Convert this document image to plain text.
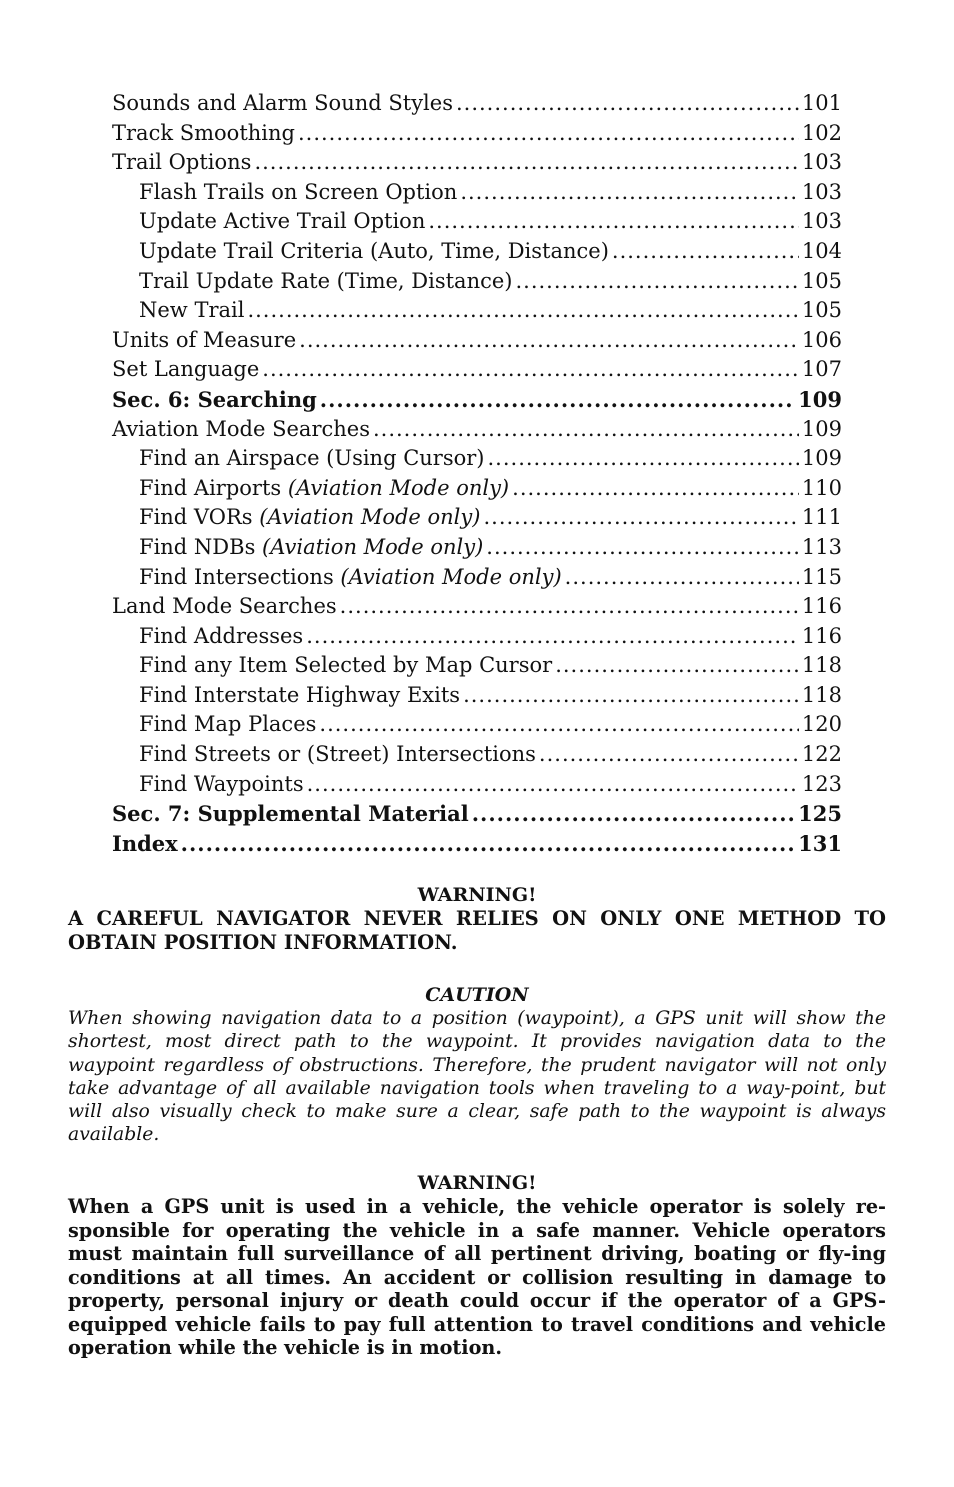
Sounds and Alarm Sound Styles .....	101
Track Smoothing .....	102
Trail Options .....	103
Flash Trails on Screen Option .....	103
Update Active Trail Option .....	103
Update Trail Criteria (Auto, Time, Distance) .....	104
Trail Update Rate (Time, Distance) .....	105
New Trail .....	105
Units of Measure .....	106
Set Language .....	107
Sec. 6: Searching .....	109
Aviation Mode Searches .....	109
Find an Airspace (Using Cursor) .....	109
Find Airports (Aviation Mode only) .....	110
Find VORs (Aviation Mode only) .....	111
Find NDBs (Aviation Mode only) .....	113
Find Intersections (Aviation Mode only) .....	115
Land Mode Searches .....	116
Find Addresses .....	116
Find any Item Selected by Map Cursor .....	118
Find Interstate Highway Exits .....	118
Find Map Places .....	120
Find Streets or (Street) Intersections .....	122
Find Waypoints .....	123
Sec. 7: Supplemental Material .....	125
Index .....	131
WARNING!
A CAREFUL NAVIGATOR NEVER RELIES ON ONLY ONE METHOD TO OBTAIN POSITION INFORMATION.
CAUTION
When showing navigation data to a position (waypoint), a GPS unit will show the shortest, most direct path to the waypoint. It provides navigation data to the waypoint regardless of obstructions. Therefore, the prudent navigator will not only take advantage of all available navigation tools when traveling to a way-point, but will also visually check to make sure a clear, safe path to the waypoint is always available.
WARNING!
When a GPS unit is used in a vehicle, the vehicle operator is solely re-sponsible for operating the vehicle in a safe manner. Vehicle operators must maintain full surveillance of all pertinent driving, boating or fly-ing conditions at all times. An accident or collision resulting in damage to property, personal injury or death could occur if the operator of a GPS-equipped vehicle fails to pay full attention to travel conditions and vehicle operation while the vehicle is in motion.
